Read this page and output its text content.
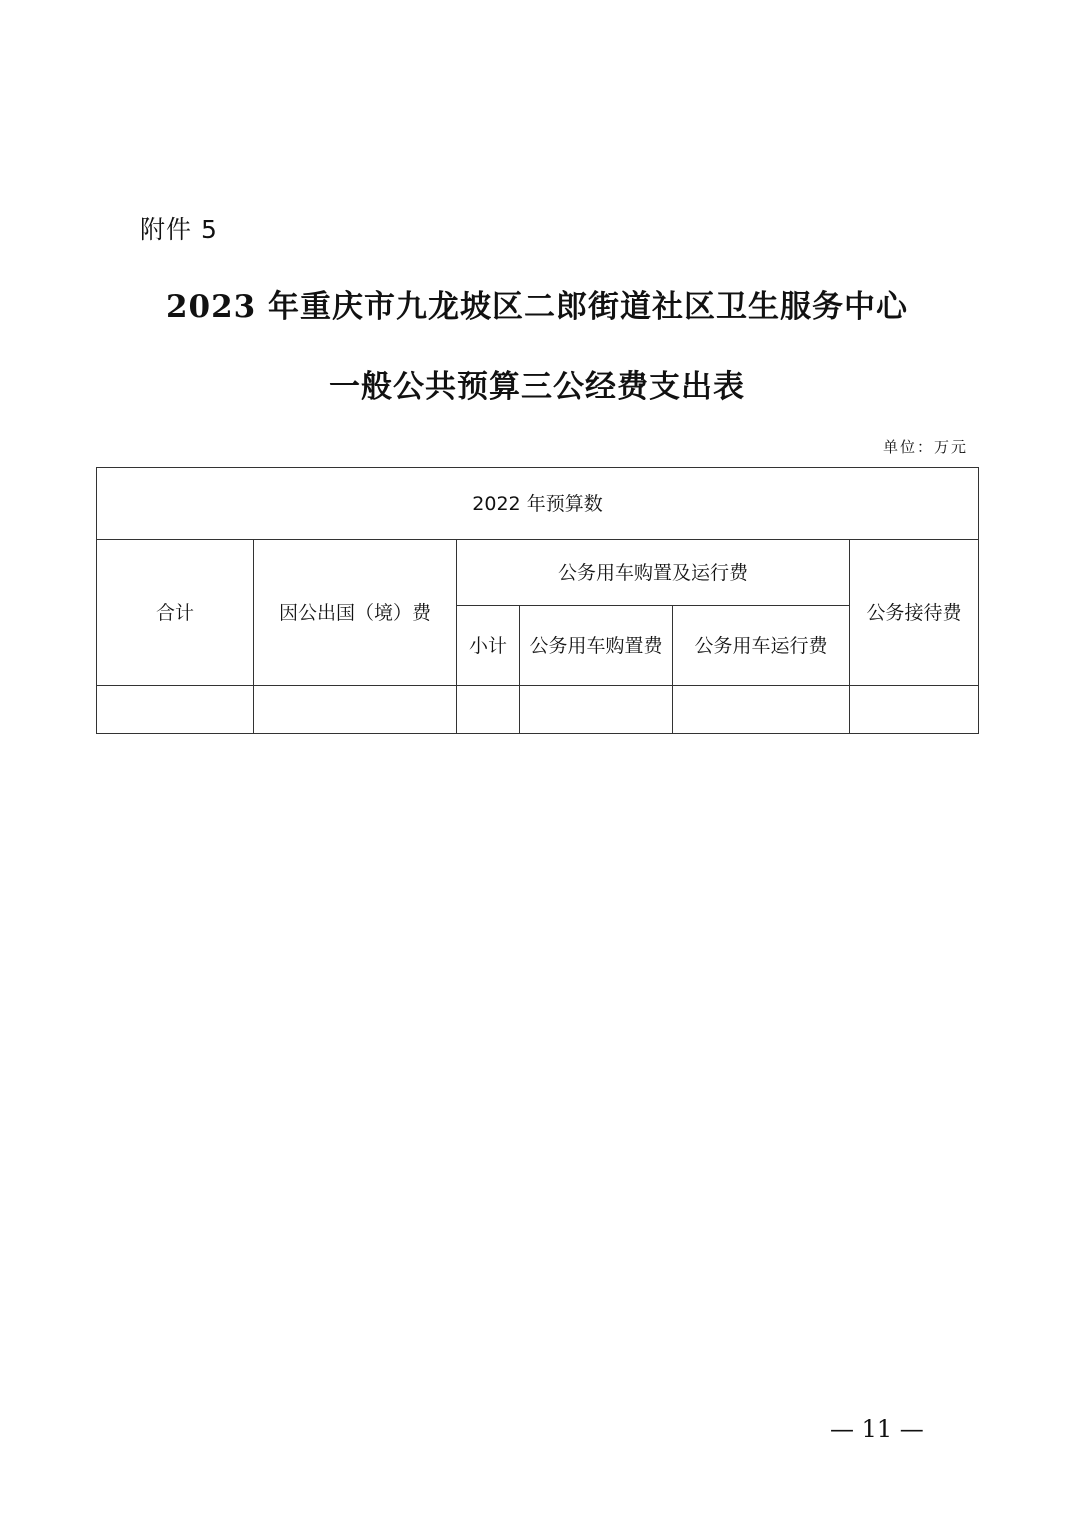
附件 5
2023 年重庆市九龙坡区二郎街道社区卫生服务中心
一般公共预算三公经费支出表
单位：万元
2022 年预算数					
合计	因公出国（境）费	公务用车购置及运行费			公务接待费
		小计	公务用车购置费	公务用车运行费	

— 11 —
